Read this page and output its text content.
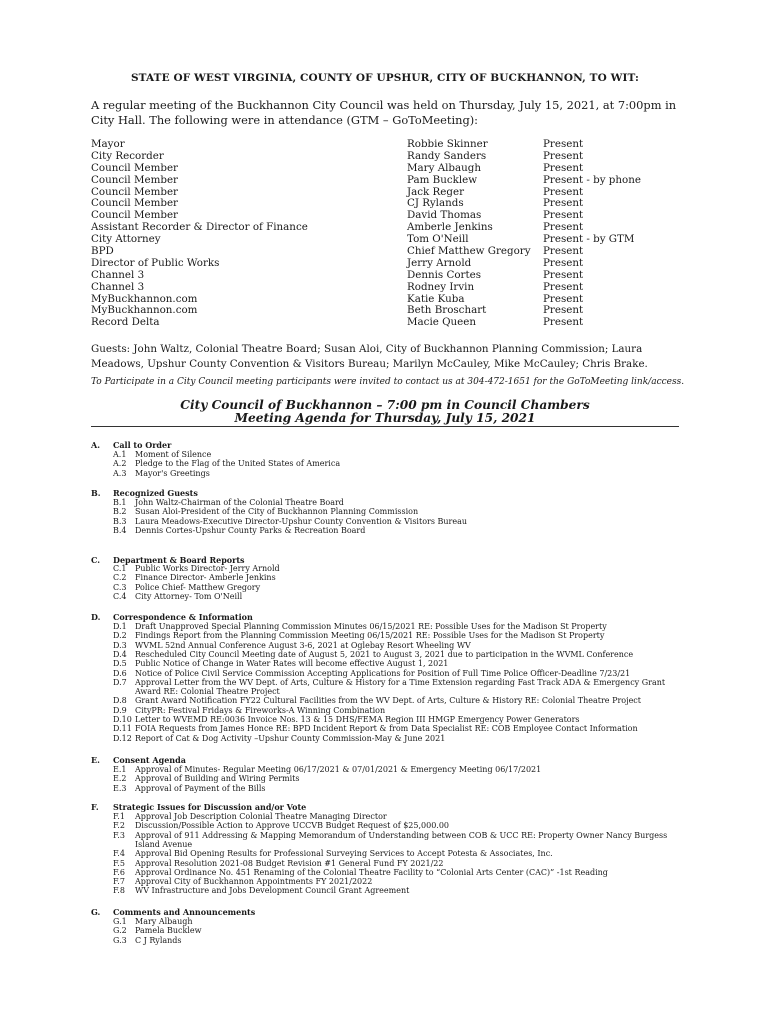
STATE OF WEST VIRGINIA, COUNTY OF UPSHUR, CITY OF BUCKHANNON, TO WIT:
A regular meeting of the Buckhannon City Council was held on Thursday, July 15, 2021, at 7:00pm in City Hall. The following were in attendance (GTM – GoToMeeting):
Mayor	Robbie Skinner	Present
City Recorder	Randy Sanders	Present
Council Member	Mary Albaugh	Present
Council Member	Pam Bucklew	Present - by phone
Council Member	Jack Reger	Present
Council Member	CJ Rylands	Present
Council Member	David Thomas	Present
Assistant Recorder & Director of Finance	Amberle Jenkins	Present
City Attorney	Tom O'Neill	Present - by GTM
BPD	Chief Matthew Gregory	Present
Director of Public Works	Jerry Arnold	Present
Channel 3	Dennis Cortes	Present
Channel 3	Rodney Irvin	Present
MyBuckhannon.com	Katie Kuba	Present
MyBuckhannon.com	Beth Broschart	Present
Record Delta	Macie Queen	Present
Guests: John Waltz, Colonial Theatre Board; Susan Aloi, City of Buckhannon Planning Commission; Laura Meadows, Upshur County Convention & Visitors Bureau; Marilyn McCauley, Mike McCauley; Chris Brake.
To Participate in a City Council meeting participants were invited to contact us at 304-472-1651 for the GoToMeeting link/access.
City Council of Buckhannon – 7:00 pm in Council Chambers
Meeting Agenda for Thursday, July 15, 2021
A. Call to Order
A.1 Moment of Silence
A.2 Pledge to the Flag of the United States of America
A.3 Mayor's Greetings
B. Recognized Guests
B.1 John Waltz-Chairman of the Colonial Theatre Board
B.2 Susan Aloi-President of the City of Buckhannon Planning Commission
B.3 Laura Meadows-Executive Director-Upshur County Convention & Visitors Bureau
B.4 Dennis Cortes-Upshur County Parks & Recreation Board
C. Department & Board Reports
C.1 Public Works Director- Jerry Arnold
C.2 Finance Director- Amberle Jenkins
C.3 Police Chief- Matthew Gregory
C.4 City Attorney- Tom O'Neill
D. Correspondence & Information
D.1 Draft Unapproved Special Planning Commission Minutes 06/15/2021 RE: Possible Uses for the Madison St Property
D.2 Findings Report from the Planning Commission Meeting 06/15/2021 RE: Possible Uses for the Madison St Property
D.3 WVML 52nd Annual Conference August 3-6, 2021 at Oglebay Resort Wheeling WV
D.4 Rescheduled City Council Meeting date of August 5, 2021 to August 3, 2021 due to participation in the WVML Conference
D.5 Public Notice of Change in Water Rates will become effective August 1, 2021
D.6 Notice of Police Civil Service Commission Accepting Applications for Position of Full Time Police Officer-Deadline 7/23/21
D.7 Approval Letter from the WV Dept. of Arts, Culture & History for a Time Extension regarding Fast Track ADA & Emergency Grant Award RE: Colonial Theatre Project
D.8 Grant Award Notification FY22 Cultural Facilities from the WV Dept. of Arts, Culture & History RE: Colonial Theatre Project
D.9 CityPR: Festival Fridays & Fireworks-A Winning Combination
D.10 Letter to WVEMD RE:0036 Invoice Nos. 13 & 15 DHS/FEMA Region III HMGP Emergency Power Generators
D.11 FOIA Requests from James Honce RE: BPD Incident Report & from Data Specialist RE: COB Employee Contact Information
D.12 Report of Cat & Dog Activity –Upshur County Commission-May & June 2021
E. Consent Agenda
E.1 Approval of Minutes- Regular Meeting 06/17/2021 & 07/01/2021 & Emergency Meeting 06/17/2021
E.2 Approval of Building and Wiring Permits
E.3 Approval of Payment of the Bills
F. Strategic Issues for Discussion and/or Vote
F.1 Approval Job Description Colonial Theatre Managing Director
F.2 Discussion/Possible Action to Approve UCCVB Budget Request of $25,000.00
F.3 Approval of 911 Addressing & Mapping Memorandum of Understanding between COB & UCC RE: Property Owner Nancy Burgess Island Avenue
F.4 Approval Bid Opening Results for Professional Surveying Services to Accept Potesta & Associates, Inc.
F.5 Approval Resolution 2021-08 Budget Revision #1 General Fund FY 2021/22
F.6 Approval Ordinance No. 451 Renaming of the Colonial Theatre Facility to “Colonial Arts Center (CAC)” -1st Reading
F.7 Approval City of Buckhannon Appointments FY 2021/2022
F.8 WV Infrastructure and Jobs Development Council Grant Agreement
G. Comments and Announcements
G.1 Mary Albaugh
G.2 Pamela Bucklew
G.3 C J Rylands
